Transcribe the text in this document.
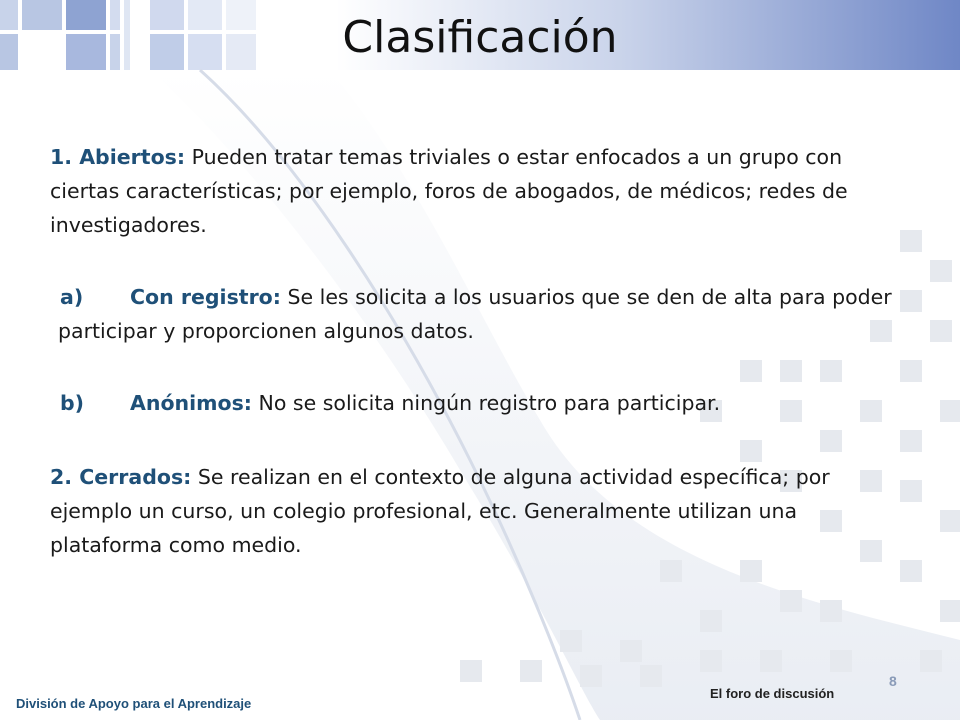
Clasificación

1. Abiertos: Pueden tratar temas triviales o estar enfocados a un grupo con ciertas características; por ejemplo, foros de abogados, de médicos; redes de investigadores.

a) Con registro: Se les solicita a los usuarios que se den de alta para poder participar y proporcionen algunos datos.

b) Anónimos: No se solicita ningún registro para participar.

2. Cerrados: Se realizan en el contexto de alguna actividad específica; por ejemplo un curso, un colegio profesional, etc. Generalmente utilizan una plataforma como medio.

8
El foro de discusión
División de Apoyo para el Aprendizaje
